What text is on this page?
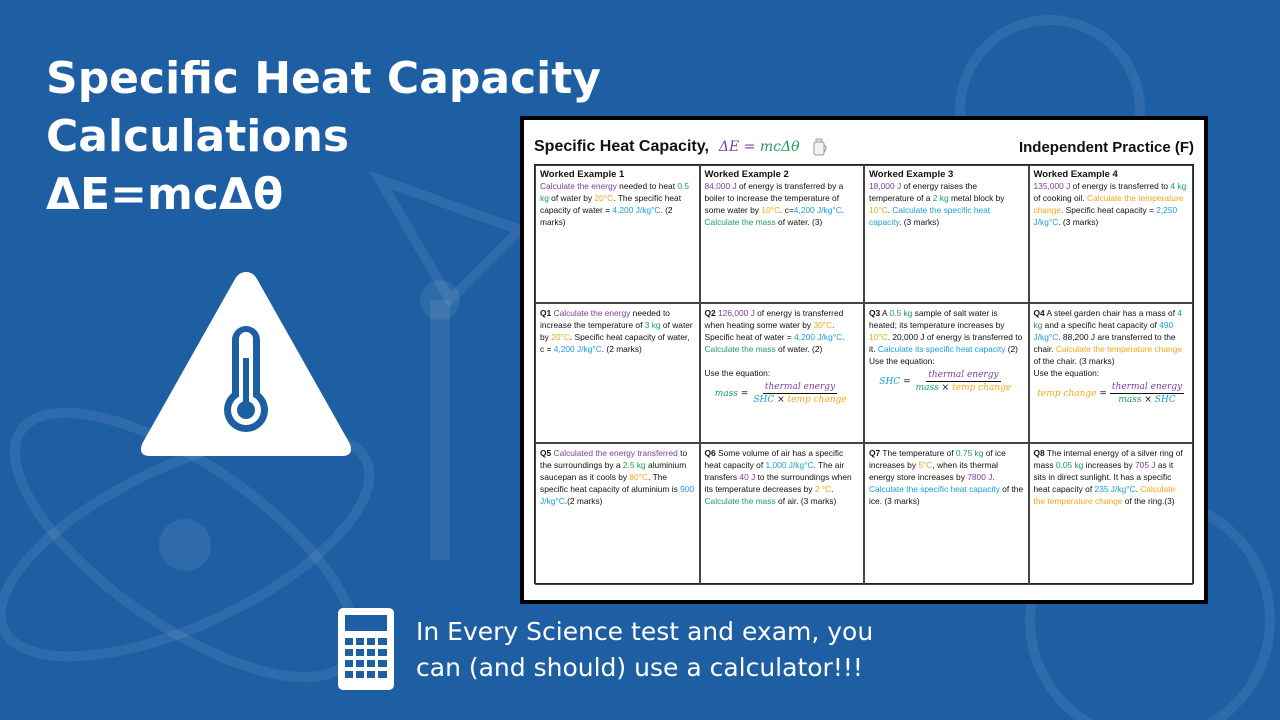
Specific Heat Capacity
Calculations
ΔE=mcΔθ
Specific Heat Capacity, ΔE = mcΔθ	Independent Practice (F)
Worked Example 1
Calculate the energy needed to heat 0.5 kg of water by 20°C. The specific heat capacity of water = 4,200 J/kg°C. (2 marks)
Worked Example 2
84,000 J of energy is transferred by a boiler to increase the temperature of some water by 10°C. c=4,200 J/kg°C. Calculate the mass of water. (3)
Worked Example 3
18,000 J of energy raises the temperature of a 2 kg metal block by 10°C. Calculate the specific heat capacity. (3 marks)
Worked Example 4
135,000 J of energy is transferred to 4 kg of cooking oil. Calculate the temperature change. Specific heat capacity = 2,250 J/kg°C. (3 marks)
Q1 Calculate the energy needed to increase the temperature of 3 kg of water by 20°C. Specific heat capacity of water, c = 4,200 J/kg°C. (2 marks)
Q2 126,000 J of energy is transferred when heating some water by 30°C. Specific heat of water = 4,200 J/kg°C. Calculate the mass of water. (2)
Use the equation:
mass = $\frac{\text{thermal energy}}{\text{SHC × temp change}}$
Q3 A 0.5 kg sample of salt water is heated; its temperature increases by 10°C. 20,000 J of energy is transferred to it. Calculate its specific heat capacity (2)
Use the equation:
SHC = $\frac{\text{thermal energy}}{\text{mass × temp change}}$
Q4 A steel garden chair has a mass of 4 kg and a specific heat capacity of 490 J/kg°C. 88,200 J are transferred to the chair. Calculate the temperature change of the chair. (3 marks)
Use the equation:
temp change = $\frac{\text{thermal energy}}{\text{mass × SHC}}$
Q5 Calculated the energy transferred to the surroundings by a 2.5 kg aluminium saucepan as it cools by 80°C. The specific heat capacity of aluminium is 900 J/kg°C.(2 marks)
Q6 Some volume of air has a specific heat capacity of 1,000 J/kg°C. The air transfers 40 J to the surroundings when its temperature decreases by 2 °C. Calculate the mass of air. (3 marks)
Q7 The temperature of 0.75 kg of ice increases by 5°C, when its thermal energy store increases by 7800 J. Calculate the specific heat capacity of the ice. (3 marks)
Q8 The internal energy of a silver ring of mass 0.05 kg increases by 705 J as it sits in direct sunlight. It has a specific heat capacity of 235 J/kg°C. Calculate the temperature change of the ring.(3)
In Every Science test and exam, you
can (and should) use a calculator!!!
